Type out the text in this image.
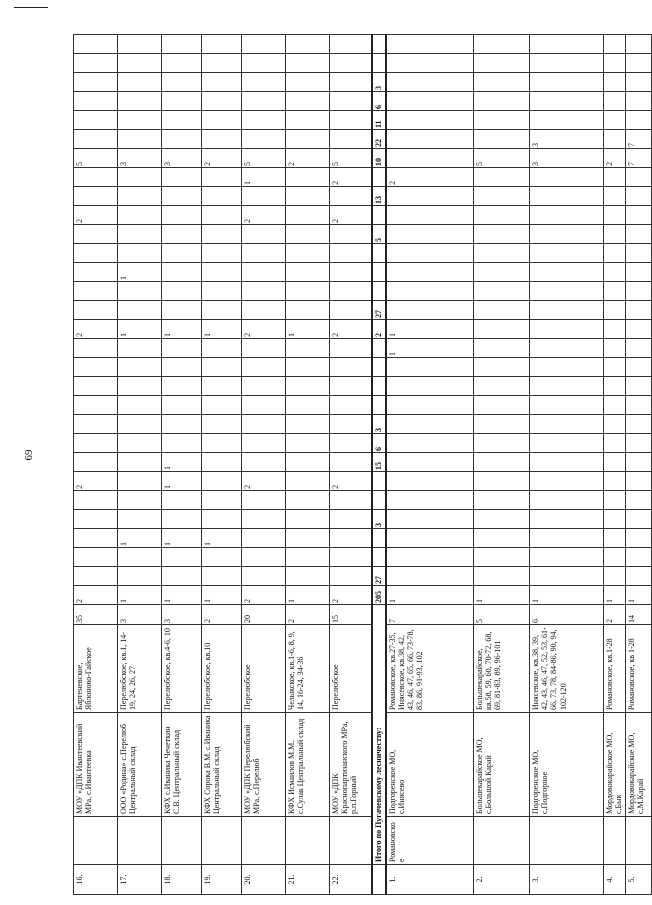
69
16.		МОУ «ДПК Ивантеевский МРа, с.Ивантеевка	Бартеневское, Яблоново-Гайское	35	2						2								2						2			5							
17.		ООО «Родина» с.Перелюб Центральный склад	Перелюбское, кв.1, 14-19, 24, 26, 27	3	1			1											1			1						3							
18.		КФХ с.Иваника Чечеткин С.В. Центральный склад	Перелюбское, кв.4-6, 10	3	1			1			1	1							1									3							
19.		КФХ Сорока В.М. с.Иваника Центральный склад	Перелюбское, кв.10	2	1			1											1									2							
20.		МОУ «ДПК Перелюбский МРа, с.Перелюб	Перелюбское	20	2						2								2						2		1	5							
21.		КФХ Исмаилов М.М. с.Сулак Центральный склад	Челыкское, кв.1-6, 8, 9, 14, 16-24, 34-36	2	1														1									2							
22.		МОУ «ДПК Краснопартизанского МРа, р.п.Горный	Перелюбское	15	2						2								2						2		2	5							
	Итого по Пугачевскому лесничеству:				205	27			3			15	6	3					2	27				5		13		10	22	11	6	3			
1.	Романовское	Подгоренское МО, с.Инясево	Романовское, кв.27-35, Инясевское, кв.38, 42, 43, 46, 47, 65, 66, 73-78, 83, 86, 91-93, 102	7	1													1	1								2								
2.		Большекарайское МО, с.Большой Карай	Большекарайское, кв.58, 59, 60, 70-72, 68, 69, 81-83, 89, 96-101	5	1																							5							
3.		Подгоренское МО, с.Подгорное	Инясевское, кв.38, 39, 42, 43, 46, 47, 52, 53, 61-66, 73, 78, 84-86, 90, 94, 102-120	6	1																							3	3						
4.		Мордовокарайское МО, с.Бык	Романовское, кв.1-28	2	1																							2							
5.		Мордовокарайское МО, с.М.Карай	Романовское, кв 1-28	14	1																							7	7						
